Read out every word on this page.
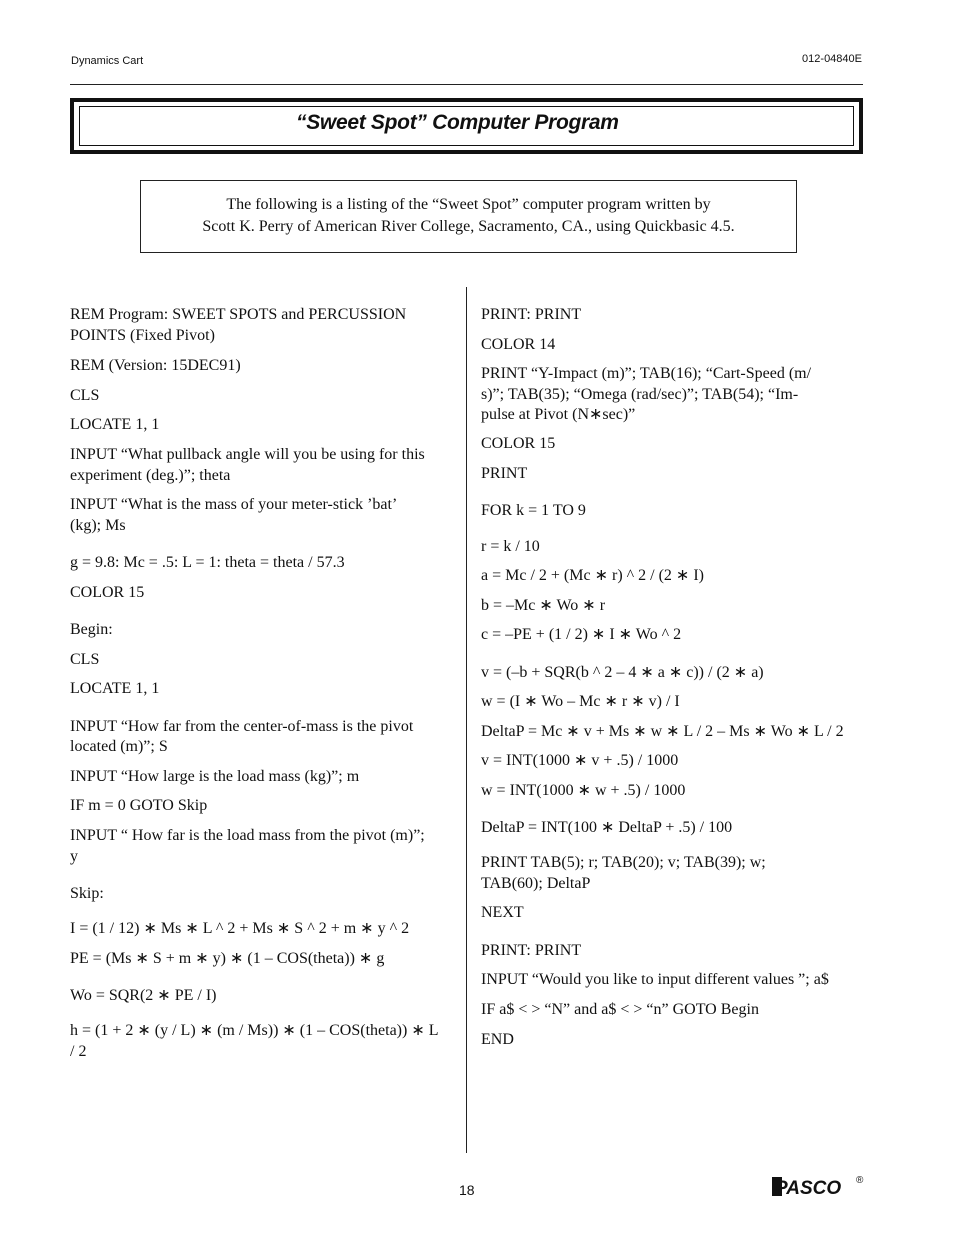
Dynamics Cart	012-04840E
“Sweet Spot” Computer Program
The following is a listing of the “Sweet Spot” computer program written by
Scott K. Perry of American River College, Sacramento, CA., using Quickbasic 4.5.
REM Program: SWEET SPOTS and PERCUSSION
POINTS (Fixed Pivot)
REM (Version: 15DEC91)
CLS
LOCATE 1, 1
INPUT “What pullback angle will you be using for this
experiment (deg.)”; theta
INPUT “What is the mass of your meter-stick ’bat’
(kg); Ms
g = 9.8: Mc = .5: L = 1: theta = theta / 57.3
COLOR 15
Begin:
CLS
LOCATE 1, 1
INPUT “How far from the center-of-mass is the pivot
located (m)”; S
INPUT “How large is the load mass (kg)”; m
IF m = 0 GOTO Skip
INPUT “ How far is the load mass from the pivot (m)”;
y
Skip:
I = (1 / 12) ∗ Ms ∗ L ^ 2 + Ms ∗ S ^ 2 + m ∗ y ^ 2
PE = (Ms ∗ S + m ∗ y) ∗ (1 – COS(theta)) ∗ g
Wo = SQR(2 ∗ PE / I)
h = (1 + 2 ∗ (y / L) ∗ (m / Ms)) ∗ (1 – COS(theta)) ∗ L
/ 2
PRINT: PRINT
COLOR 14
PRINT “Y-Impact (m)”; TAB(16); “Cart-Speed (m/
s)”; TAB(35); “Omega (rad/sec)”; TAB(54); “Im-
pulse at Pivot (N∗sec)”
COLOR 15
PRINT
FOR k = 1 TO 9
r = k / 10
a = Mc / 2 + (Mc ∗ r) ^ 2 / (2 ∗ I)
b = –Mc ∗ Wo ∗ r
c = –PE + (1 / 2) ∗ I ∗ Wo ^ 2
v = (–b + SQR(b ^ 2 – 4 ∗ a ∗ c)) / (2 ∗ a)
w = (I ∗ Wo – Mc ∗ r ∗ v) / I
DeltaP = Mc ∗ v + Ms ∗ w ∗ L / 2 – Ms ∗ Wo ∗ L / 2
v = INT(1000 ∗ v + .5) / 1000
w = INT(1000 ∗ w + .5) / 1000
DeltaP = INT(100 ∗ DeltaP + .5) / 100
PRINT TAB(5); r; TAB(20); v; TAB(39); w;
TAB(60); DeltaP
NEXT
PRINT: PRINT
INPUT “Would you like to input different values ”; a$
IF a$ < > “N” and a$ < > “n” GOTO Begin
END
18	PASCO ®
